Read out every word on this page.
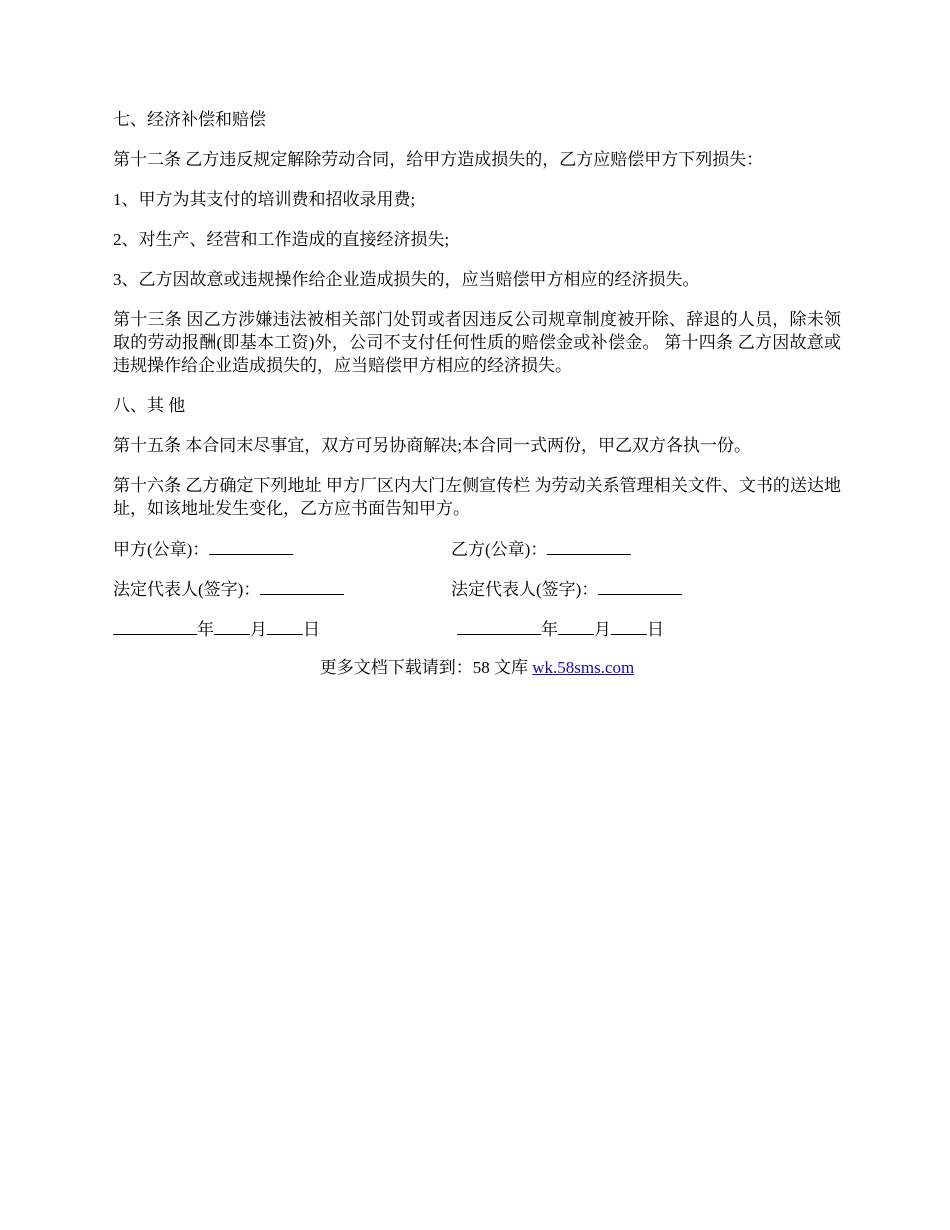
七、经济补偿和赔偿

第十二条 乙方违反规定解除劳动合同，给甲方造成损失的，乙方应赔偿甲方下列损失：

1、甲方为其支付的培训费和招收录用费;

2、对生产、经营和工作造成的直接经济损失;

3、乙方因故意或违规操作给企业造成损失的，应当赔偿甲方相应的经济损失。

第十三条 因乙方涉嫌违法被相关部门处罚或者因违反公司规章制度被开除、辞退的人员，除未领取的劳动报酬(即基本工资)外，公司不支付任何性质的赔偿金或补偿金。 第十四条 乙方因故意或违规操作给企业造成损失的，应当赔偿甲方相应的经济损失。

八、其 他

第十五条 本合同末尽事宜，双方可另协商解决;本合同一式两份，甲乙双方各执一份。

第十六条 乙方确定下列地址 甲方厂区内大门左侧宣传栏 为劳动关系管理相关文件、文书的送达地址，如该地址发生变化，乙方应书面告知甲方。

甲方(公章)：	乙方(公章)：
法定代表人(签字)：	法定代表人(签字)：
年 月 日	年 月 日
更多文档下载请到：58 文库 wk.58sms.com
